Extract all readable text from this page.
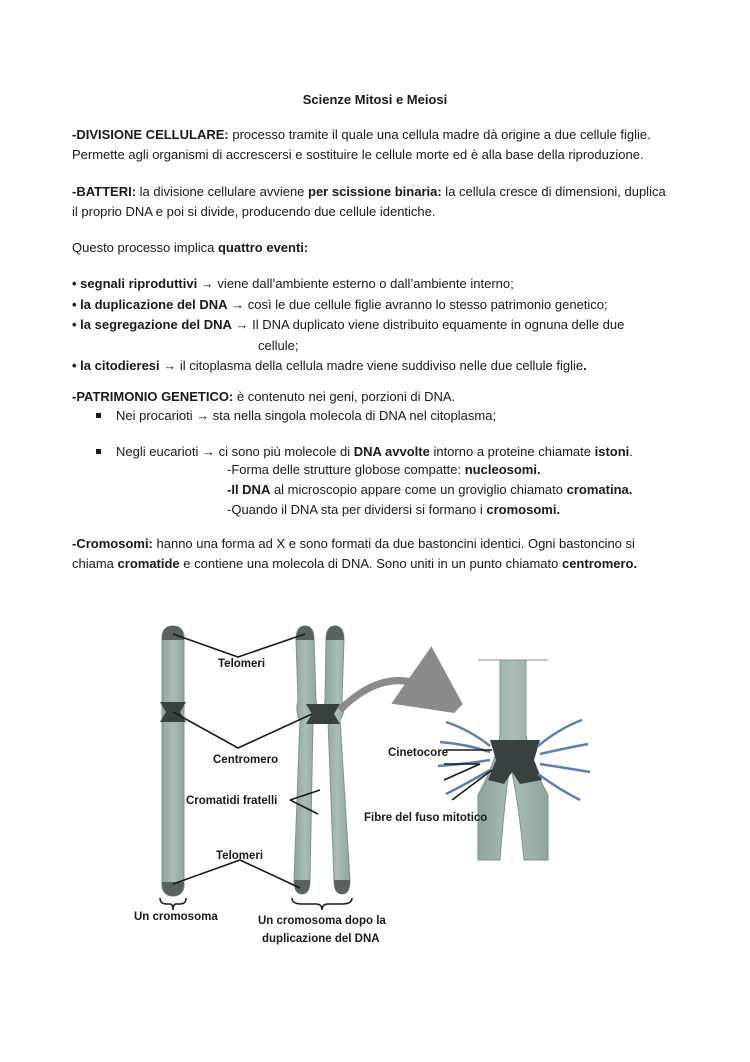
Scienze Mitosi e Meiosi
-DIVISIONE CELLULARE: processo tramite il quale una cellula madre dà origine a due cellule figlie.
Permette agli organismi di accrescersi e sostituire le cellule morte ed è alla base della riproduzione.
-BATTERI: la divisione cellulare avviene per scissione binaria: la cellula cresce di dimensioni, duplica
il proprio DNA e poi si divide, producendo due cellule identiche.
Questo processo implica quattro eventi:
• segnali riproduttivi → viene dall’ambiente esterno o dall’ambiente interno;
• la duplicazione del DNA → così le due cellule figlie avranno lo stesso patrimonio genetico;
• la segregazione del DNA → Il DNA duplicato viene distribuito equamente in ognuna delle due
cellule;
• la citodieresi → il citoplasma della cellula madre viene suddiviso nelle due cellule figlie.
-PATRIMONIO GENETICO: è contenuto nei geni, porzioni di DNA.
Nei procarioti → sta nella singola molecola di DNA nel citoplasma;
Negli eucarioti → ci sono più molecole di DNA avvolte intorno a proteine chiamate istoni.
-Forma delle strutture globose compatte: nucleosomi.
-Il DNA al microscopio appare come un groviglio chiamato cromatina.
-Quando il DNA sta per dividersi si formano i cromosomi.
-Cromosomi: hanno una forma ad X e sono formati da due bastoncini identici. Ogni bastoncino si
chiama cromatide e contiene una molecola di DNA. Sono uniti in un punto chiamato centromero.
Telomeri
Centromero
Cromatidi fratelli
Telomeri
Un cromosoma	Un cromosoma dopo la
duplicazione del DNA
Cinetocore
Fibre del fuso mitotico
